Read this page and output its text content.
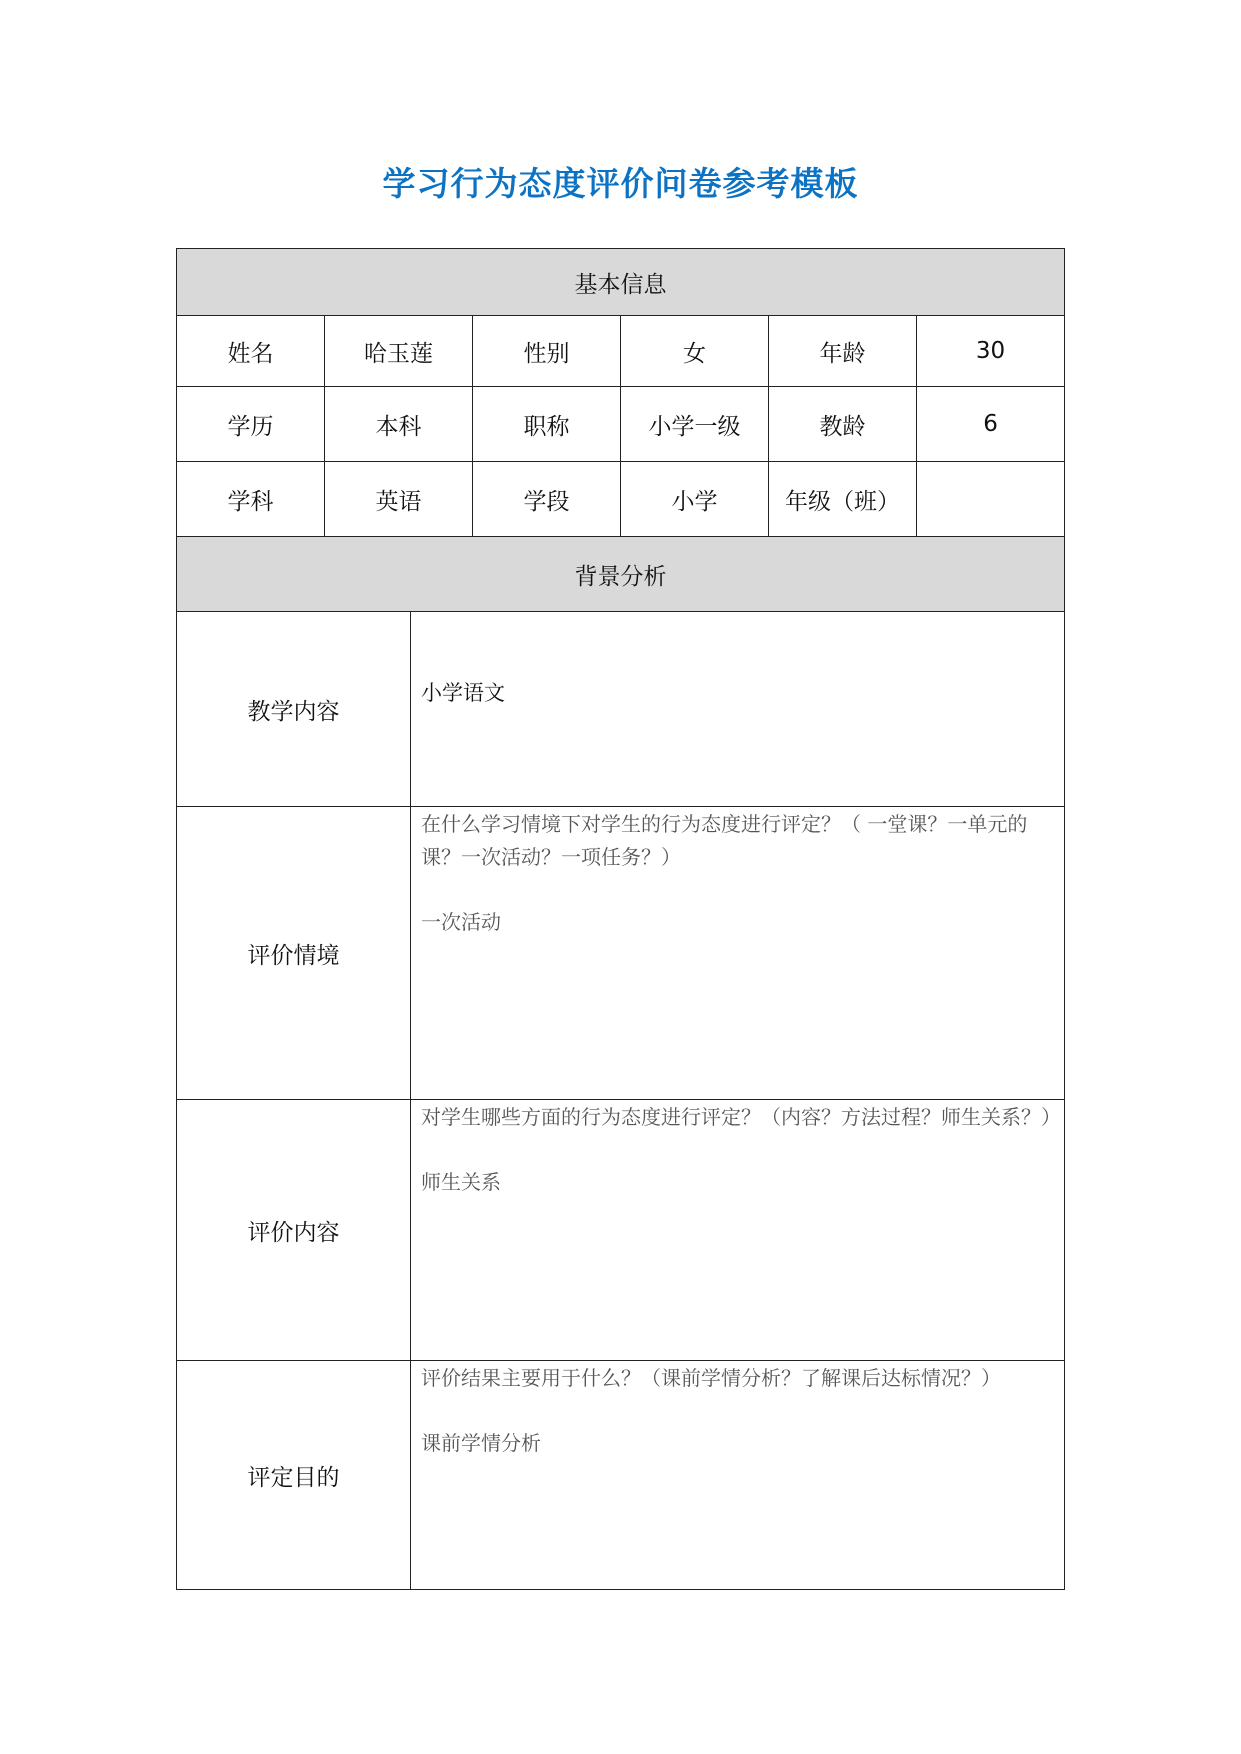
学习行为态度评价问卷参考模板
基本信息						
姓名	哈玉莲		性别	女	年龄	30
学历	本科		职称	小学一级	教龄	6
学科	英语		学段	小学	年级（班）	
背景分析						
教学内容		小学语文				

评价情境		在什么学习情境下对学生的行为态度进行评定？（ 一堂课？一单元的课？一次活动？一项任务？）
一次活动				

评价内容		对学生哪些方面的行为态度进行评定？（内容？方法过程？师生关系？）
师生关系				

评定目的		评价结果主要用于什么？（课前学情分析？了解课后达标情况？）
课前学情分析				
